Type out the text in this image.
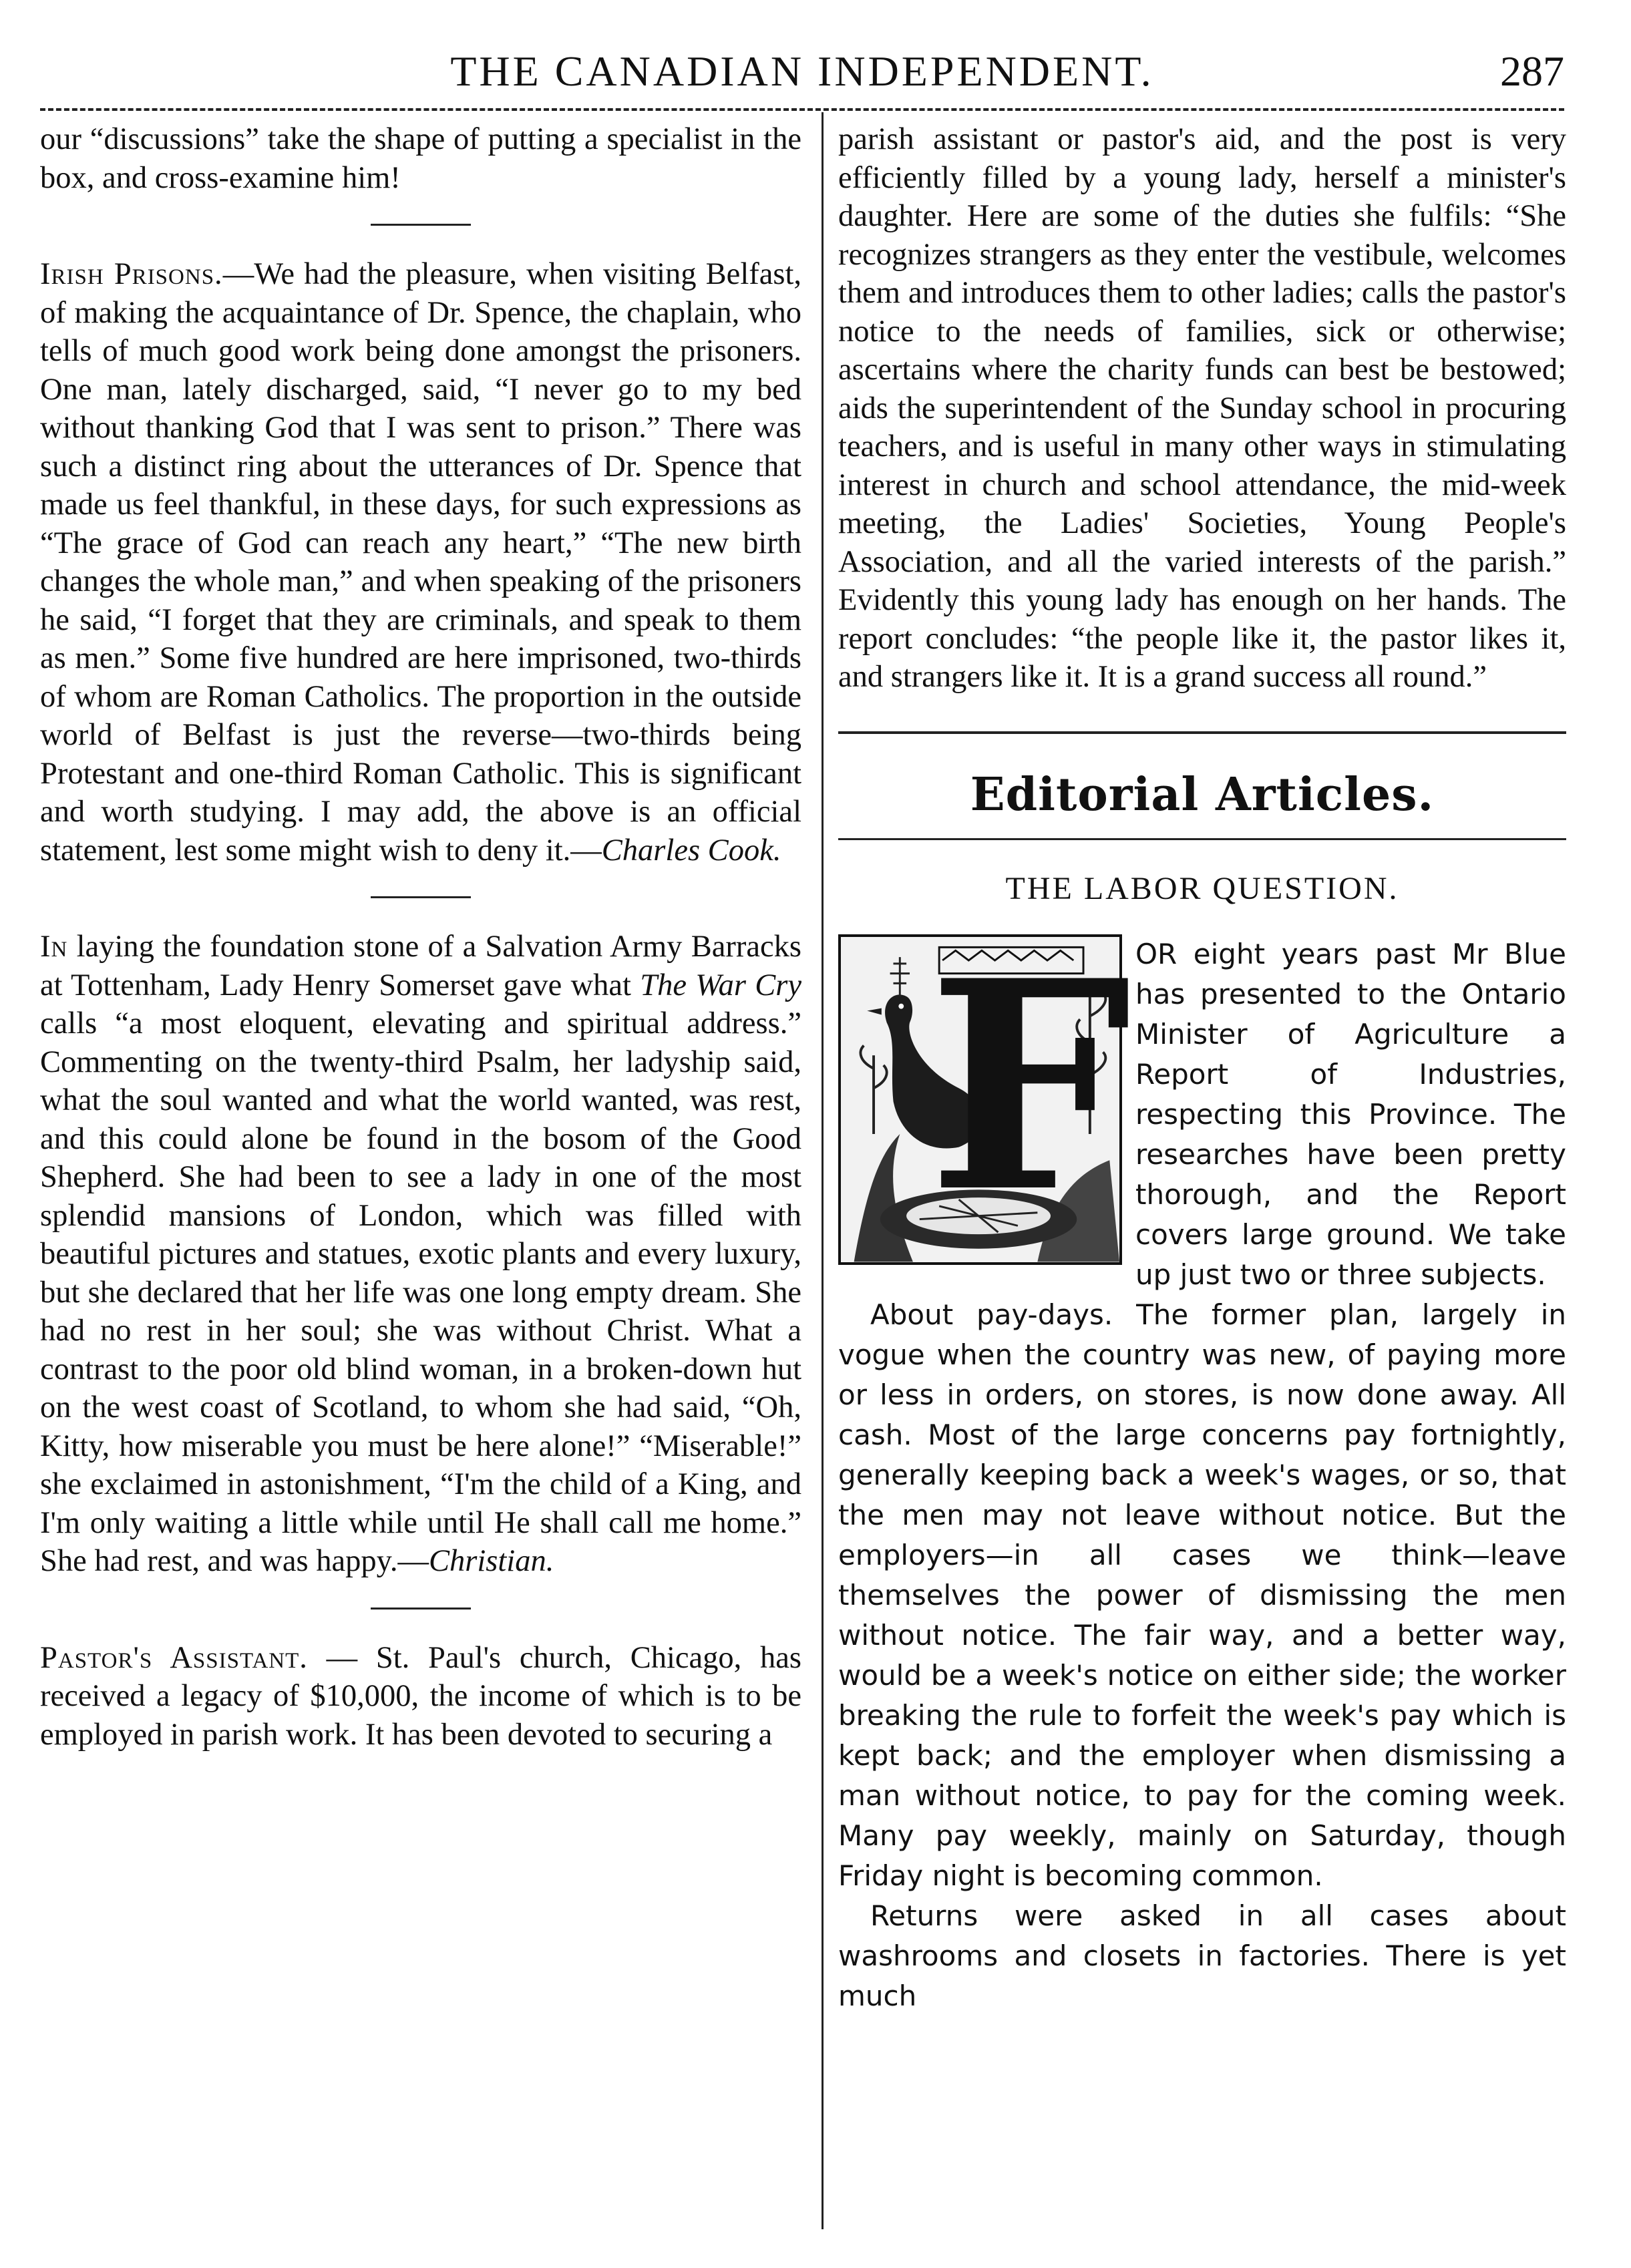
THE CANADIAN INDEPENDENT.	287

our “discussions” take the shape of putting a specialist in the box, and cross-examine him!

Irish Prisons.—We had the pleasure, when visiting Belfast, of making the acquaintance of Dr. Spence, the chaplain, who tells of much good work being done amongst the prisoners. One man, lately discharged, said, “I never go to my bed without thanking God that I was sent to prison.” There was such a distinct ring about the utterances of Dr. Spence that made us feel thankful, in these days, for such expressions as “The grace of God can reach any heart,” “The new birth changes the whole man,” and when speaking of the prisoners he said, “I forget that they are criminals, and speak to them as men.” Some five hundred are here imprisoned, two-thirds of whom are Roman Catholics. The proportion in the outside world of Belfast is just the reverse—two-thirds being Protestant and one-third Roman Catholic. This is significant and worth studying. I may add, the above is an official statement, lest some might wish to deny it.—Charles Cook.

In laying the foundation stone of a Salvation Army Barracks at Tottenham, Lady Henry Somerset gave what The War Cry calls “a most eloquent, elevating and spiritual address.” Commenting on the twenty-third Psalm, her ladyship said, what the soul wanted and what the world wanted, was rest, and this could alone be found in the bosom of the Good Shepherd. She had been to see a lady in one of the most splendid mansions of London, which was filled with beautiful pictures and statues, exotic plants and every luxury, but she declared that her life was one long empty dream. She had no rest in her soul; she was without Christ. What a contrast to the poor old blind woman, in a broken-down hut on the west coast of Scotland, to whom she had said, “Oh, Kitty, how miserable you must be here alone!” “Miserable!” she exclaimed in astonishment, “I'm the child of a King, and I'm only waiting a little while until He shall call me home.” She had rest, and was happy.—Christian.

Pastor's Assistant. — St. Paul's church, Chicago, has received a legacy of $10,000, the income of which is to be employed in parish work. It has been devoted to securing a

parish assistant or pastor's aid, and the post is very efficiently filled by a young lady, herself a minister's daughter. Here are some of the duties she fulfils: “She recognizes strangers as they enter the vestibule, welcomes them and introduces them to other ladies; calls the pastor's notice to the needs of families, sick or otherwise; ascertains where the charity funds can best be bestowed; aids the superintendent of the Sunday school in procuring teachers, and is useful in many other ways in stimulating interest in church and school attendance, the mid-week meeting, the Ladies' Societies, Young People's Association, and all the varied interests of the parish.” Evidently this young lady has enough on her hands. The report concludes: “the people like it, the pastor likes it, and strangers like it. It is a grand success all round.”

Editorial Articles.
THE LABOR QUESTION.
F OR eight years past Mr Blue has presented to the Ontario Minister of Agriculture a Report of Industries, respecting this Province. The researches have been pretty thorough, and the Report covers large ground. We take up just two or three subjects.

About pay-days. The former plan, largely in vogue when the country was new, of paying more or less in orders, on stores, is now done away. All cash. Most of the large concerns pay fortnightly, generally keeping back a week's wages, or so, that the men may not leave without notice. But the employers—in all cases we think—leave themselves the power of dismissing the men without notice. The fair way, and a better way, would be a week's notice on either side; the worker breaking the rule to forfeit the week's pay which is kept back; and the employer when dismissing a man without notice, to pay for the coming week. Many pay weekly, mainly on Saturday, though Friday night is becoming common.

Returns were asked in all cases about washrooms and closets in factories. There is yet much
